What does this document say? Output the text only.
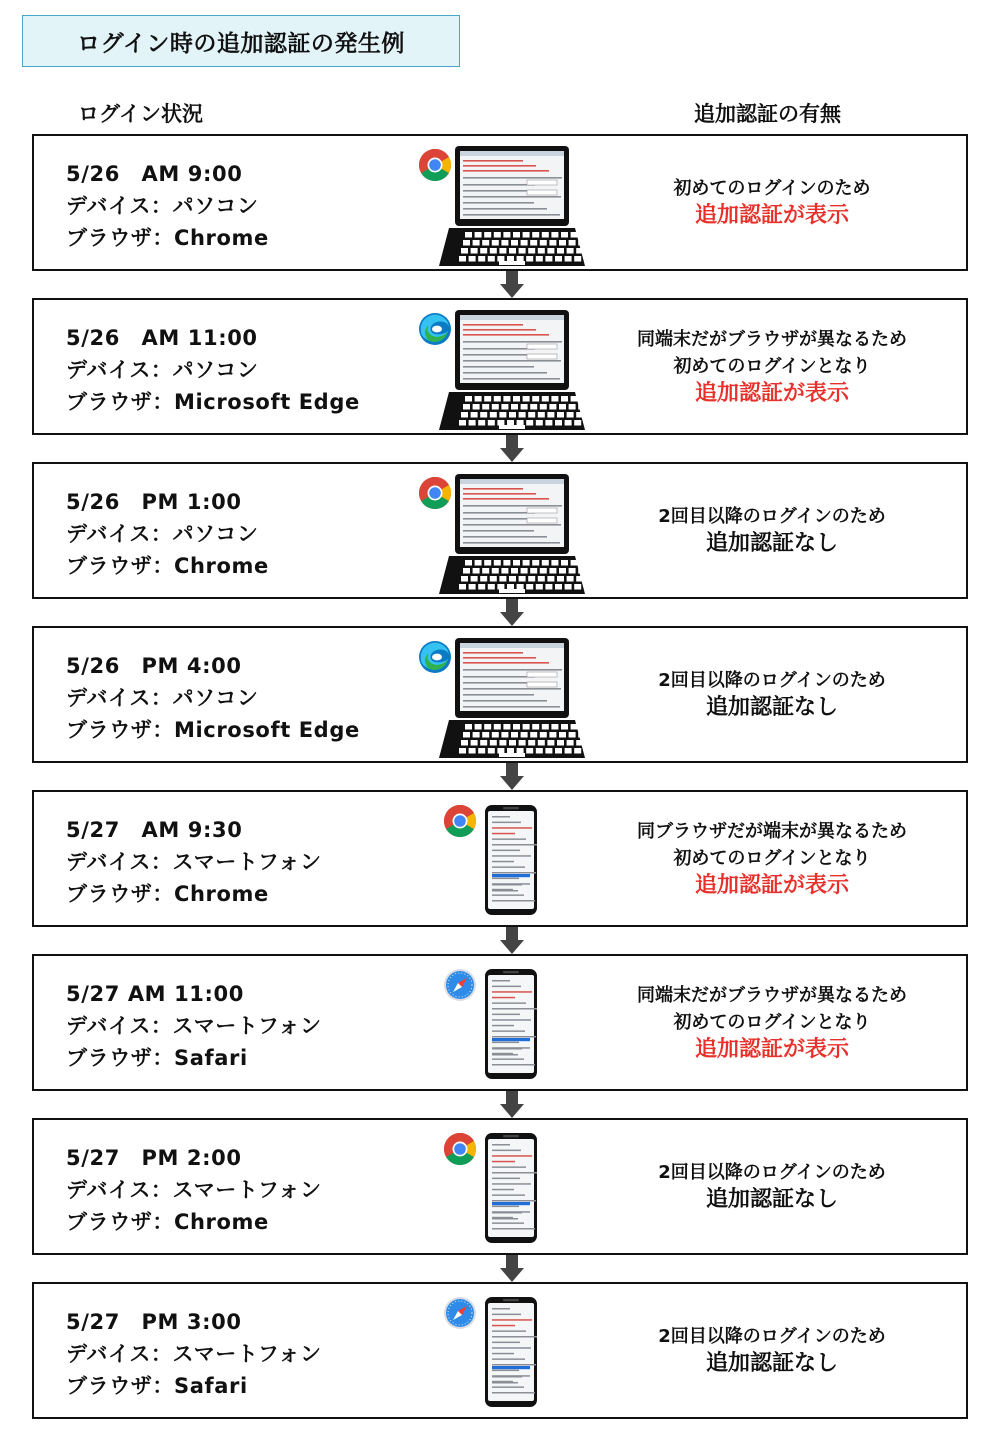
ログイン時の追加認証の発生例
ログイン状況	追加認証の有無
5/26　AM 9:00
デバイス：パソコン
ブラウザ：Chrome
初めてのログインのため
追加認証が表示
5/26　AM 11:00
デバイス：パソコン
ブラウザ：Microsoft Edge
同端末だがブラウザが異なるため
初めてのログインとなり
追加認証が表示
5/26　PM 1:00
デバイス：パソコン
ブラウザ：Chrome
2回目以降のログインのため
追加認証なし
5/26　PM 4:00
デバイス：パソコン
ブラウザ：Microsoft Edge
2回目以降のログインのため
追加認証なし
5/27　AM 9:30
デバイス：スマートフォン
ブラウザ：Chrome
同ブラウザだが端末が異なるため
初めてのログインとなり
追加認証が表示
5/27 AM 11:00
デバイス：スマートフォン
ブラウザ：Safari
同端末だがブラウザが異なるため
初めてのログインとなり
追加認証が表示
5/27　PM 2:00
デバイス：スマートフォン
ブラウザ：Chrome
2回目以降のログインのため
追加認証なし
5/27　PM 3:00
デバイス：スマートフォン
ブラウザ：Safari
2回目以降のログインのため
追加認証なし
